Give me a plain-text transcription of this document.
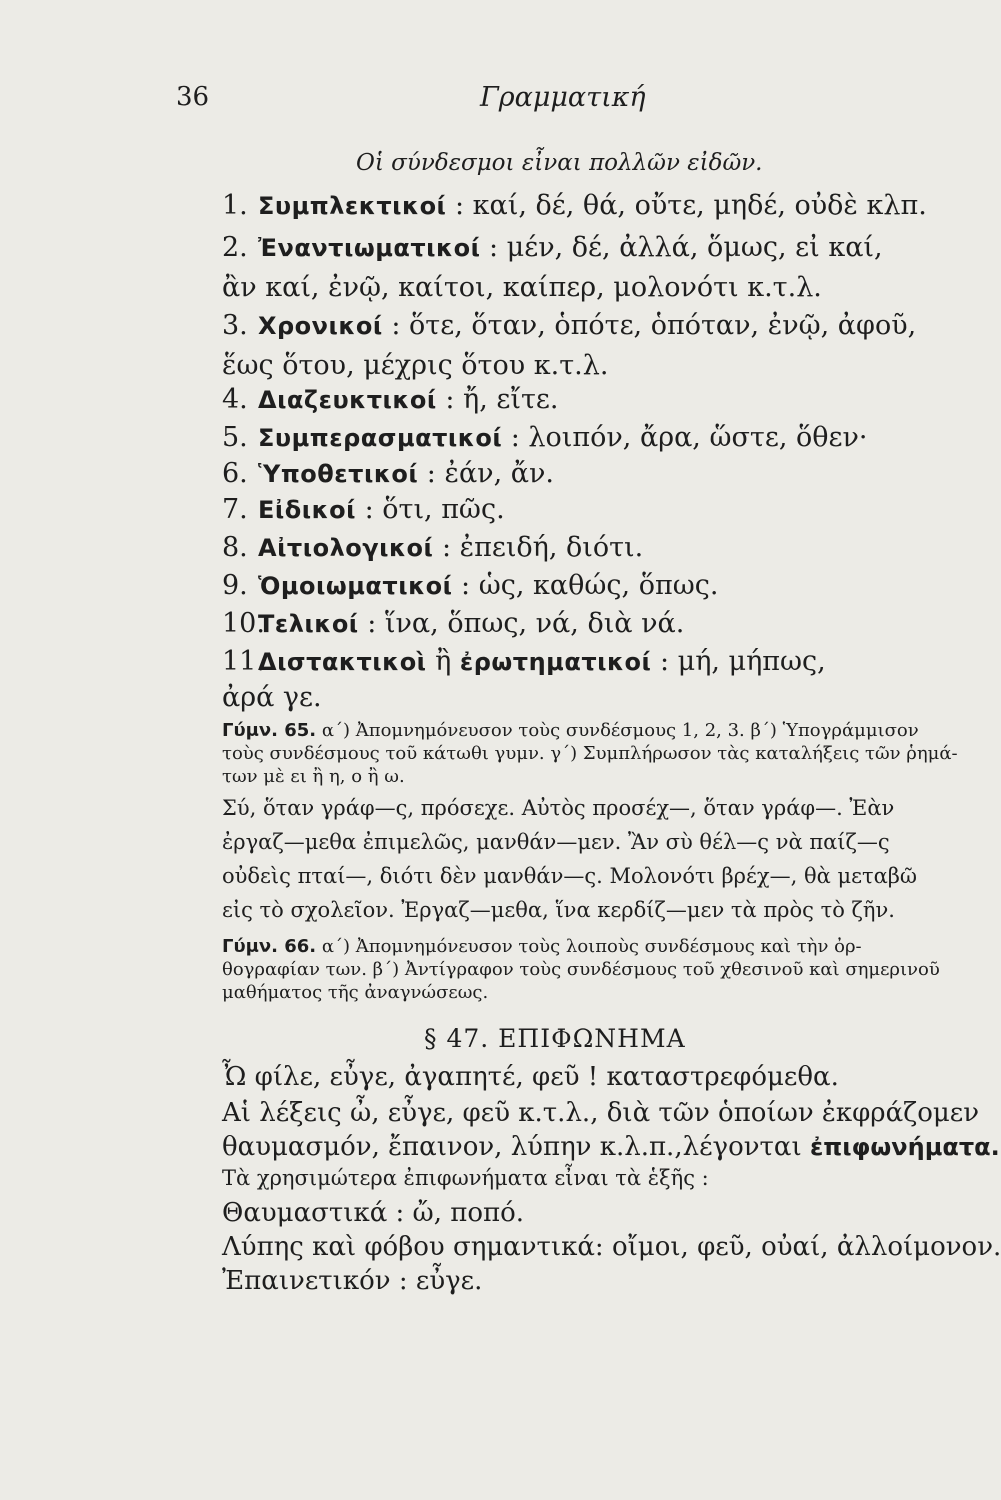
36	Γραμματική
Οἱ σύνδεσμοι εἶναι πολλῶν εἰδῶν.
1. Συμπλεκτικοί : καί, δέ, θά, οὔτε, μηδέ, οὐδὲ κλπ.
2. Ἐναντιωματικοί : μέν, δέ, ἀλλά, ὅμως, εἰ καί,
ἂν καί, ἐνῷ, καίτοι, καίπερ, μολονότι κ.τ.λ.
3. Χρονικοί : ὅτε, ὅταν, ὁπότε, ὁπόταν, ἐνῷ, ἀφοῦ,
ἕως ὅτου, μέχρις ὅτου κ.τ.λ.
4. Διαζευκτικοί : ἤ, εἴτε.
5. Συμπερασματικοί : λοιπόν, ἄρα, ὥστε, ὅθεν·
6. Ὑποθετικοί : ἐάν, ἄν.
7. Εἰδικοί : ὅτι, πῶς.
8. Αἰτιολογικοί : ἐπειδή, διότι.
9. Ὁμοιωματικοί : ὡς, καθώς, ὅπως.
10.Τελικοί : ἵνα, ὅπως, νά, διὰ νά.
11.Διστακτικοὶ ἢ ἐρωτηματικοί : μή, μήπως,
ἀρά γε.
Γύμν. 65. α΄) Ἀπομνημόνευσον τοὺς συνδέσμους 1, 2, 3. β΄) Ὑπογράμμισον
τοὺς συνδέσμους τοῦ κάτωθι γυμν. γ΄) Συμπλήρωσον τὰς καταλήξεις τῶν ῥημά-
των μὲ ει ἢ η, ο ἢ ω.
Σύ, ὅταν γράφ—ς, πρόσεχε. Αὐτὸς προσέχ—, ὅταν γράφ—. Ἐὰν
ἐργαζ—μεθα ἐπιμελῶς, μανθάν—μεν. Ἂν σὺ θέλ—ς νὰ παίζ—ς
οὐδεὶς πταί—, διότι δὲν μανθάν—ς. Μολονότι βρέχ—, θὰ μεταβῶ
εἰς τὸ σχολεῖον. Ἐργαζ—μεθα, ἵνα κερδίζ—μεν τὰ πρὸς τὸ ζῆν.
Γύμν. 66. α΄) Ἀπομνημόνευσον τοὺς λοιποὺς συνδέσμους καὶ τὴν ὀρ-
θογραφίαν των. β΄) Ἀντίγραφον τοὺς συνδέσμους τοῦ χθεσινοῦ καὶ σημερινοῦ
μαθήματος τῆς ἀναγνώσεως.
§ 47. ΕΠΙΦΩΝΗΜΑ
Ὦ φίλε, εὖγε, ἀγαπητέ, φεῦ ! καταστρεφόμεθα.
Αἱ λέξεις ὦ, εὖγε, φεῦ κ.τ.λ., διὰ τῶν ὁποίων ἐκφράζομεν
θαυμασμόν, ἔπαινον, λύπην κ.λ.π.,λέγονται ἐπιφωνήματα.
Τὰ χρησιμώτερα ἐπιφωνήματα εἶναι τὰ ἑξῆς :
Θαυμαστικά : ὤ, ποπό.
Λύπης καὶ φόβου σημαντικά: οἴμοι, φεῦ, οὐαί, ἀλλοίμονον.
Ἐπαινετικόν : εὖγε.
